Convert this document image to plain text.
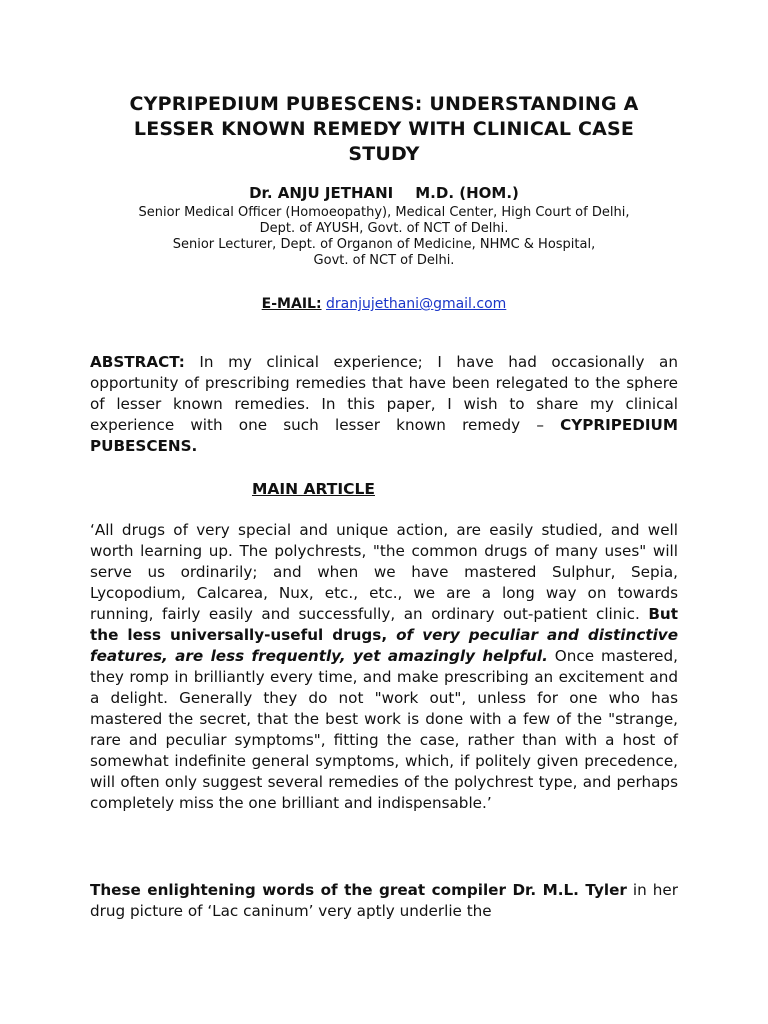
CYPRIPEDIUM PUBESCENS: UNDERSTANDING A
LESSER KNOWN REMEDY WITH CLINICAL CASE
STUDY
Dr. ANJU JETHANI M.D. (HOM.)
Senior Medical Officer (Homoeopathy), Medical Center, High Court of Delhi,
Dept. of AYUSH, Govt. of NCT of Delhi.
Senior Lecturer, Dept. of Organon of Medicine, NHMC & Hospital,
Govt. of NCT of Delhi.
E-MAIL: dranjujethani@gmail.com
ABSTRACT: In my clinical experience; I have had occasionally an opportunity of prescribing remedies that have been relegated to the sphere of lesser known remedies. In this paper, I wish to share my clinical experience with one such lesser known remedy – CYPRIPEDIUM PUBESCENS.
MAIN ARTICLE
‘All drugs of very special and unique action, are easily studied, and well worth learning up. The polychrests, "the common drugs of many uses" will serve us ordinarily; and when we have mastered Sulphur, Sepia, Lycopodium, Calcarea, Nux, etc., etc., we are a long way on towards running, fairly easily and successfully, an ordinary out-patient clinic. But the less universally-useful drugs, of very peculiar and distinctive features, are less frequently, yet amazingly helpful. Once mastered, they romp in brilliantly every time, and make prescribing an excitement and a delight. Generally they do not "work out", unless for one who has mastered the secret, that the best work is done with a few of the "strange, rare and peculiar symptoms", fitting the case, rather than with a host of somewhat indefinite general symptoms, which, if politely given precedence, will often only suggest several remedies of the polychrest type, and perhaps completely miss the one brilliant and indispensable.’
These enlightening words of the great compiler Dr. M.L. Tyler in her drug picture of ‘Lac caninum’ very aptly underlie the
